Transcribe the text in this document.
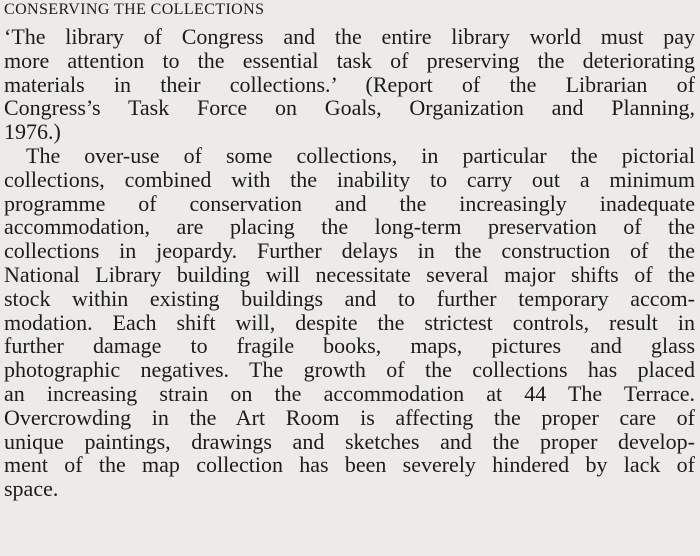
CONSERVING THE COLLECTIONS
‘The library of Congress and the entire library world must pay
more attention to the essential task of preserving the deteriorating
materials in their collections.’ (Report of the Librarian of
Congress’s Task Force on Goals, Organization and Planning,
1976.)
The over-use of some collections, in particular the pictorial
collections, combined with the inability to carry out a minimum
programme of conservation and the increasingly inadequate
accommodation, are placing the long-term preservation of the
collections in jeopardy. Further delays in the construction of the
National Library building will necessitate several major shifts of the
stock within existing buildings and to further temporary accom-
modation. Each shift will, despite the strictest controls, result in
further damage to fragile books, maps, pictures and glass
photographic negatives. The growth of the collections has placed
an increasing strain on the accommodation at 44 The Terrace.
Overcrowding in the Art Room is affecting the proper care of
unique paintings, drawings and sketches and the proper develop-
ment of the map collection has been severely hindered by lack of
space.
